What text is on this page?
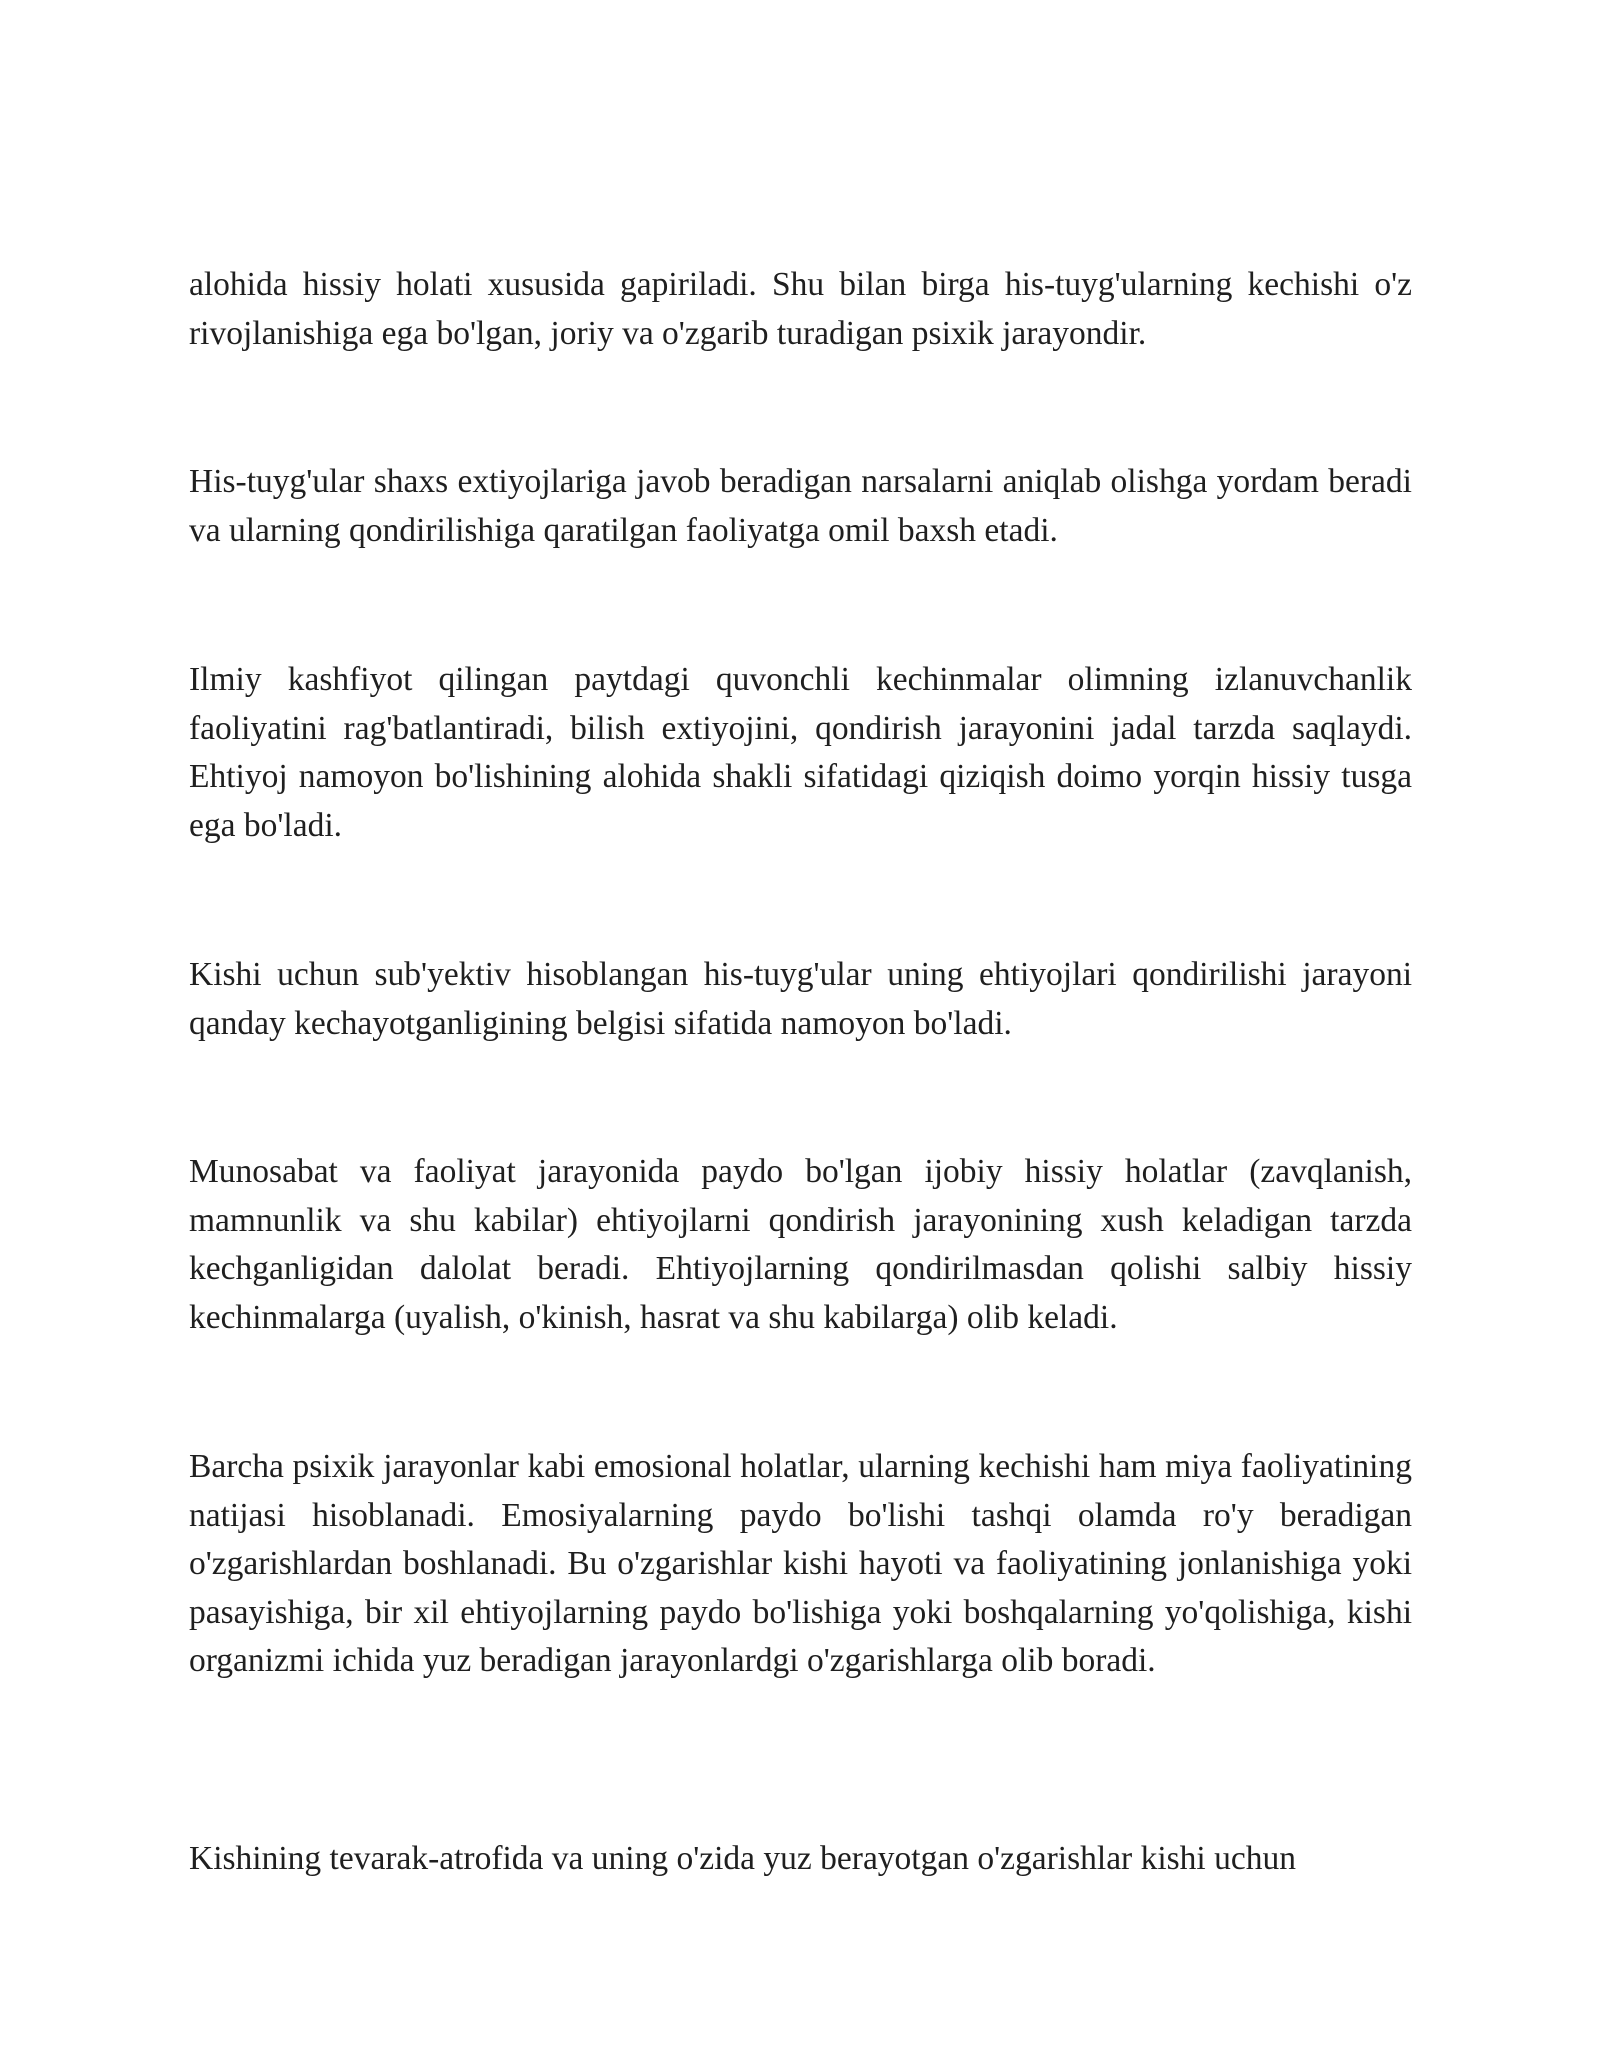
alohida hissiy holati xususida gapiriladi. Shu bilan birga his-tuyg'ularning kechishi o'z rivojlanishiga ega bo'lgan, joriy va o'zgarib turadigan psixik jarayondir.

His-tuyg'ular shaxs extiyojlariga javob beradigan narsalarni aniqlab olishga yordam beradi va ularning qondirilishiga qaratilgan faoliyatga omil baxsh etadi.

Ilmiy kashfiyot qilingan paytdagi quvonchli kechinmalar olimning izlanuvchanlik faoliyatini rag'batlantiradi, bilish extiyojini, qondirish jarayonini jadal tarzda saqlaydi. Ehtiyoj namoyon bo'lishining alohida shakli sifatidagi qiziqish doimo yorqin hissiy tusga ega bo'ladi.

Kishi uchun sub'yektiv hisoblangan his-tuyg'ular uning ehtiyojlari qondirilishi jarayoni qanday kechayotganligining belgisi sifatida namoyon bo'ladi.

Munosabat va faoliyat jarayonida paydo bo'lgan ijobiy hissiy holatlar (zavqlanish, mamnunlik va shu kabilar) ehtiyojlarni qondirish jarayonining xush keladigan tarzda kechganligidan dalolat beradi. Ehtiyojlarning qondirilmasdan qolishi salbiy hissiy kechinmalarga (uyalish, o'kinish, hasrat va shu kabilarga) olib keladi.

Barcha psixik jarayonlar kabi emosional holatlar, ularning kechishi ham miya faoliyatining natijasi hisoblanadi. Emosiyalarning paydo bo'lishi tashqi olamda ro'y beradigan o'zgarishlardan boshlanadi. Bu o'zgarishlar kishi hayoti va faoliyatining jonlanishiga yoki pasayishiga, bir xil ehtiyojlarning paydo bo'lishiga yoki boshqalarning yo'qolishiga, kishi organizmi ichida yuz beradigan jarayonlardgi o'zgarishlarga olib boradi.

Kishining tevarak-atrofida va uning o'zida yuz berayotgan o'zgarishlar kishi uchun
